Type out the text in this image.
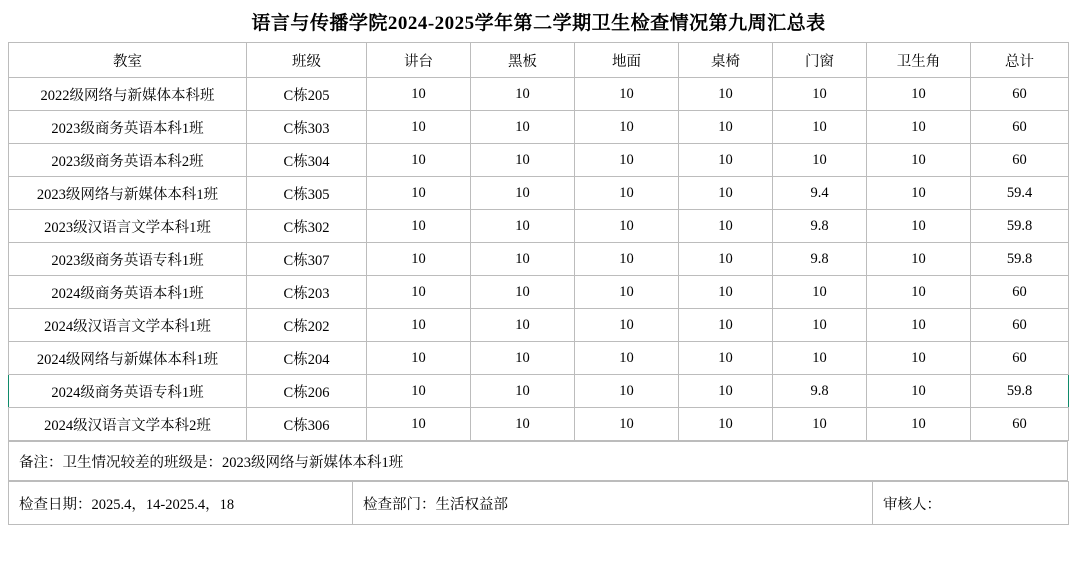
语言与传播学院2024-2025学年第二学期卫生检查情况第九周汇总表
教室	班级	讲台	黑板	地面	桌椅	门窗	卫生角	总计
2022级网络与新媒体本科班	C栋205	10	10	10	10	10	10	60
2023级商务英语本科1班	C栋303	10	10	10	10	10	10	60
2023级商务英语本科2班	C栋304	10	10	10	10	10	10	60
2023级网络与新媒体本科1班	C栋305	10	10	10	10	9.4	10	59.4
2023级汉语言文学本科1班	C栋302	10	10	10	10	9.8	10	59.8
2023级商务英语专科1班	C栋307	10	10	10	10	9.8	10	59.8
2024级商务英语本科1班	C栋203	10	10	10	10	10	10	60
2024级汉语言文学本科1班	C栋202	10	10	10	10	10	10	60
2024级网络与新媒体本科1班	C栋204	10	10	10	10	10	10	60
2024级商务英语专科1班	C栋206	10	10	10	10	9.8	10	59.8
2024级汉语言文学本科2班	C栋306	10	10	10	10	10	10	60
备注：卫生情况较差的班级是：2023级网络与新媒体本科1班
检查日期：2025.4，14-2025.4，18	检查部门：生活权益部	审核人：
